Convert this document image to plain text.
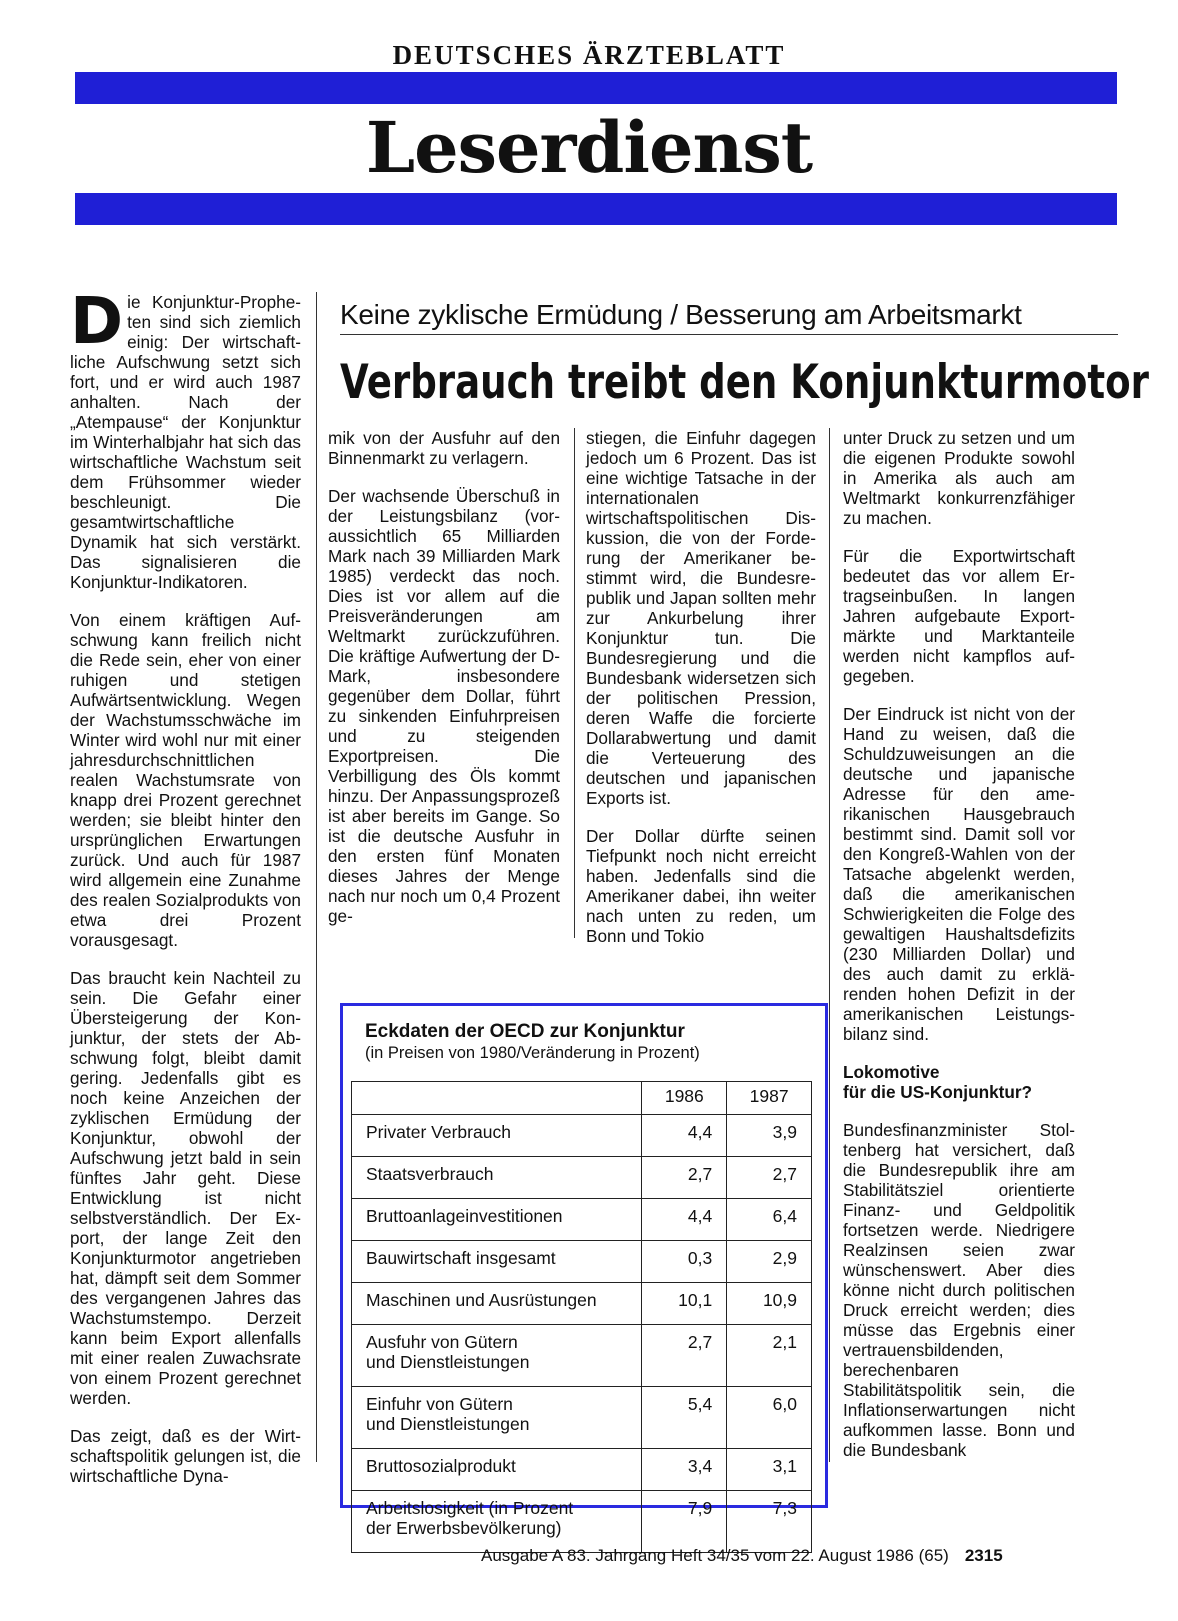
DEUTSCHES ÄRZTEBLATT
Leserdienst

Die Konjunktur-Propheten sind sich ziemlich einig: Der wirtschaftliche Aufschwung setzt sich fort, und er wird auch 1987 anhalten. Nach der „Atempause“ der Konjunktur im Winterhalbjahr hat sich das wirtschaftliche Wachstum seit dem Frühsommer wieder beschleunigt. Die gesamtwirtschaftliche Dynamik hat sich verstärkt. Das signalisieren die Konjunktur-Indikatoren.

Von einem kräftigen Aufschwung kann freilich nicht die Rede sein, eher von einer ruhigen und stetigen Aufwärtsentwicklung. Wegen der Wachstumsschwäche im Winter wird wohl nur mit einer jahresdurchschnittlichen realen Wachstumsrate von knapp drei Prozent gerechnet werden; sie bleibt hinter den ursprünglichen Erwartungen zurück. Und auch für 1987 wird allgemein eine Zunahme des realen Sozialprodukts von etwa drei Prozent vorausgesagt.

Das braucht kein Nachteil zu sein. Die Gefahr einer Übersteigerung der Konjunktur, der stets der Abschwung folgt, bleibt damit gering. Jedenfalls gibt es noch keine Anzeichen der zyklischen Ermüdung der Konjunktur, obwohl der Aufschwung jetzt bald in sein fünftes Jahr geht. Diese Entwicklung ist nicht selbstverständlich. Der Export, der lange Zeit den Konjunkturmotor angetrieben hat, dämpft seit dem Sommer des vergangenen Jahres das Wachstumstempo. Derzeit kann beim Export allenfalls mit einer realen Zuwachsrate von einem Prozent gerechnet werden.

Das zeigt, daß es der Wirtschaftspolitik gelungen ist, die wirtschaftliche Dyna-

Keine zyklische Ermüdung / Besserung am Arbeitsmarkt
Verbrauch treibt den Konjunkturmotor

mik von der Ausfuhr auf den Binnenmarkt zu verlagern.

Der wachsende Überschuß in der Leistungsbilanz (voraussichtlich 65 Milliarden Mark nach 39 Milliarden Mark 1985) verdeckt das noch. Dies ist vor allem auf die Preisveränderungen am Weltmarkt zurückzuführen. Die kräftige Aufwertung der D-Mark, insbesondere gegenüber dem Dollar, führt zu sinkenden Einfuhrpreisen und zu steigenden Exportpreisen. Die Verbilligung des Öls kommt hinzu. Der Anpassungsprozeß ist aber bereits im Gange. So ist die deutsche Ausfuhr in den ersten fünf Monaten dieses Jahres der Menge nach nur noch um 0,4 Prozent ge-

stiegen, die Einfuhr dagegen jedoch um 6 Prozent. Das ist eine wichtige Tatsache in der internationalen wirtschaftspolitischen Diskussion, die von der Forderung der Amerikaner bestimmt wird, die Bundesrepublik und Japan sollten mehr zur Ankurbelung ihrer Konjunktur tun. Die Bundesregierung und die Bundesbank widersetzen sich der politischen Pression, deren Waffe die forcierte Dollarabwertung und damit die Verteuerung des deutschen und japanischen Exports ist.

Der Dollar dürfte seinen Tiefpunkt noch nicht erreicht haben. Jedenfalls sind die Amerikaner dabei, ihn weiter nach unten zu reden, um Bonn und Tokio

unter Druck zu setzen und um die eigenen Produkte sowohl in Amerika als auch am Weltmarkt konkurrenzfähiger zu machen.

Für die Exportwirtschaft bedeutet das vor allem Ertragseinbußen. In langen Jahren aufgebaute Exportmärkte und Marktanteile werden nicht kampflos aufgegeben.

Der Eindruck ist nicht von der Hand zu weisen, daß die Schuldzuweisungen an die deutsche und japanische Adresse für den amerikanischen Hausgebrauch bestimmt sind. Damit soll vor den Kongreß-Wahlen von der Tatsache abgelenkt werden, daß die amerikanischen Schwierigkeiten die Folge des gewaltigen Haushaltsdefizits (230 Milliarden Dollar) und des auch damit zu erklärenden hohen Defizit in der amerikanischen Leistungsbilanz sind.

Lokomotive
für die US-Konjunktur?

Bundesfinanzminister Stoltenberg hat versichert, daß die Bundesrepublik ihre am Stabilitätsziel orientierte Finanz- und Geldpolitik fortsetzen werde. Niedrigere Realzinsen seien zwar wünschenswert. Aber dies könne nicht durch politischen Druck erreicht werden; dies müsse das Ergebnis einer vertrauensbildenden, berechenbaren Stabilitätspolitik sein, die Inflationserwartungen nicht aufkommen lasse. Bonn und die Bundesbank

Eckdaten der OECD zur Konjunktur
(in Preisen von 1980/Veränderung in Prozent)
	1986	1987
Privater Verbrauch	4,4	3,9
Staatsverbrauch	2,7	2,7
Bruttoanlageinvestitionen	4,4	6,4
Bauwirtschaft insgesamt	0,3	2,9
Maschinen und Ausrüstungen	10,1	10,9
Ausfuhr von Gütern
und Dienstleistungen	2,7	2,1
Einfuhr von Gütern
und Dienstleistungen	5,4	6,0
Bruttosozialprodukt	3,4	3,1
Arbeitslosigkeit (in Prozent
der Erwerbsbevölkerung)	7,9	7,3
Ausgabe A 83. Jahrgang Heft 34/35 vom 22. August 1986 (65) 2315
